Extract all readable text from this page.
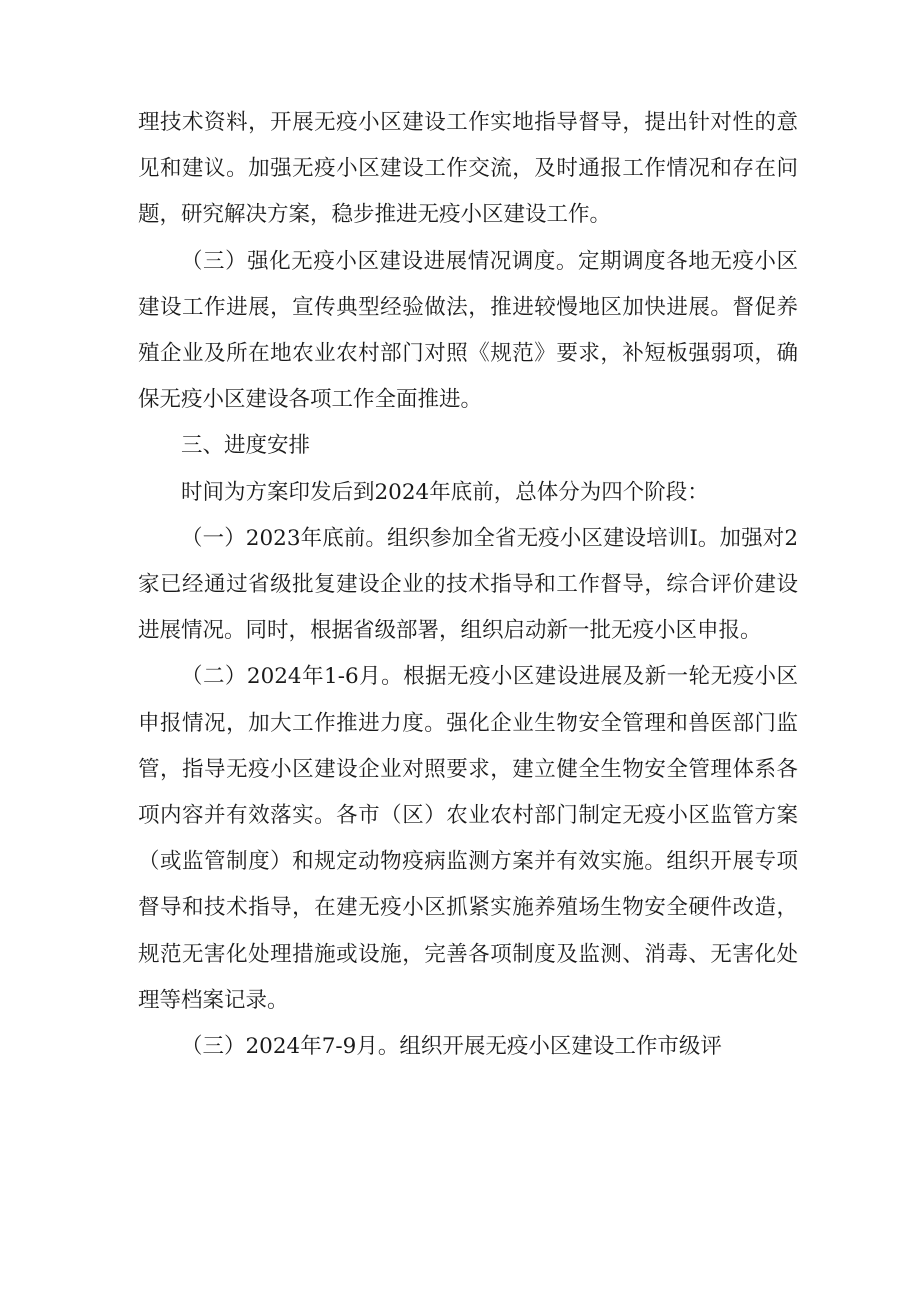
理技术资料，开展无疫小区建设工作实地指导督导，提出针对性的意见和建议。加强无疫小区建设工作交流，及时通报工作情况和存在问题，研究解决方案，稳步推进无疫小区建设工作。

（三）强化无疫小区建设进展情况调度。定期调度各地无疫小区建设工作进展，宣传典型经验做法，推进较慢地区加快进展。督促养殖企业及所在地农业农村部门对照《规范》要求，补短板强弱项，确保无疫小区建设各项工作全面推进。

三、进度安排

时间为方案印发后到2024年底前，总体分为四个阶段：

（一）2023年底前。组织参加全省无疫小区建设培训I。加强对2家已经通过省级批复建设企业的技术指导和工作督导，综合评价建设进展情况。同时，根据省级部署，组织启动新一批无疫小区申报。

（二）2024年1-6月。根据无疫小区建设进展及新一轮无疫小区申报情况，加大工作推进力度。强化企业生物安全管理和兽医部门监管，指导无疫小区建设企业对照要求，建立健全生物安全管理体系各项内容并有效落实。各市（区）农业农村部门制定无疫小区监管方案（或监管制度）和规定动物疫病监测方案并有效实施。组织开展专项督导和技术指导，在建无疫小区抓紧实施养殖场生物安全硬件改造，规范无害化处理措施或设施，完善各项制度及监测、消毒、无害化处理等档案记录。

（三）2024年7-9月。组织开展无疫小区建设工作市级评
